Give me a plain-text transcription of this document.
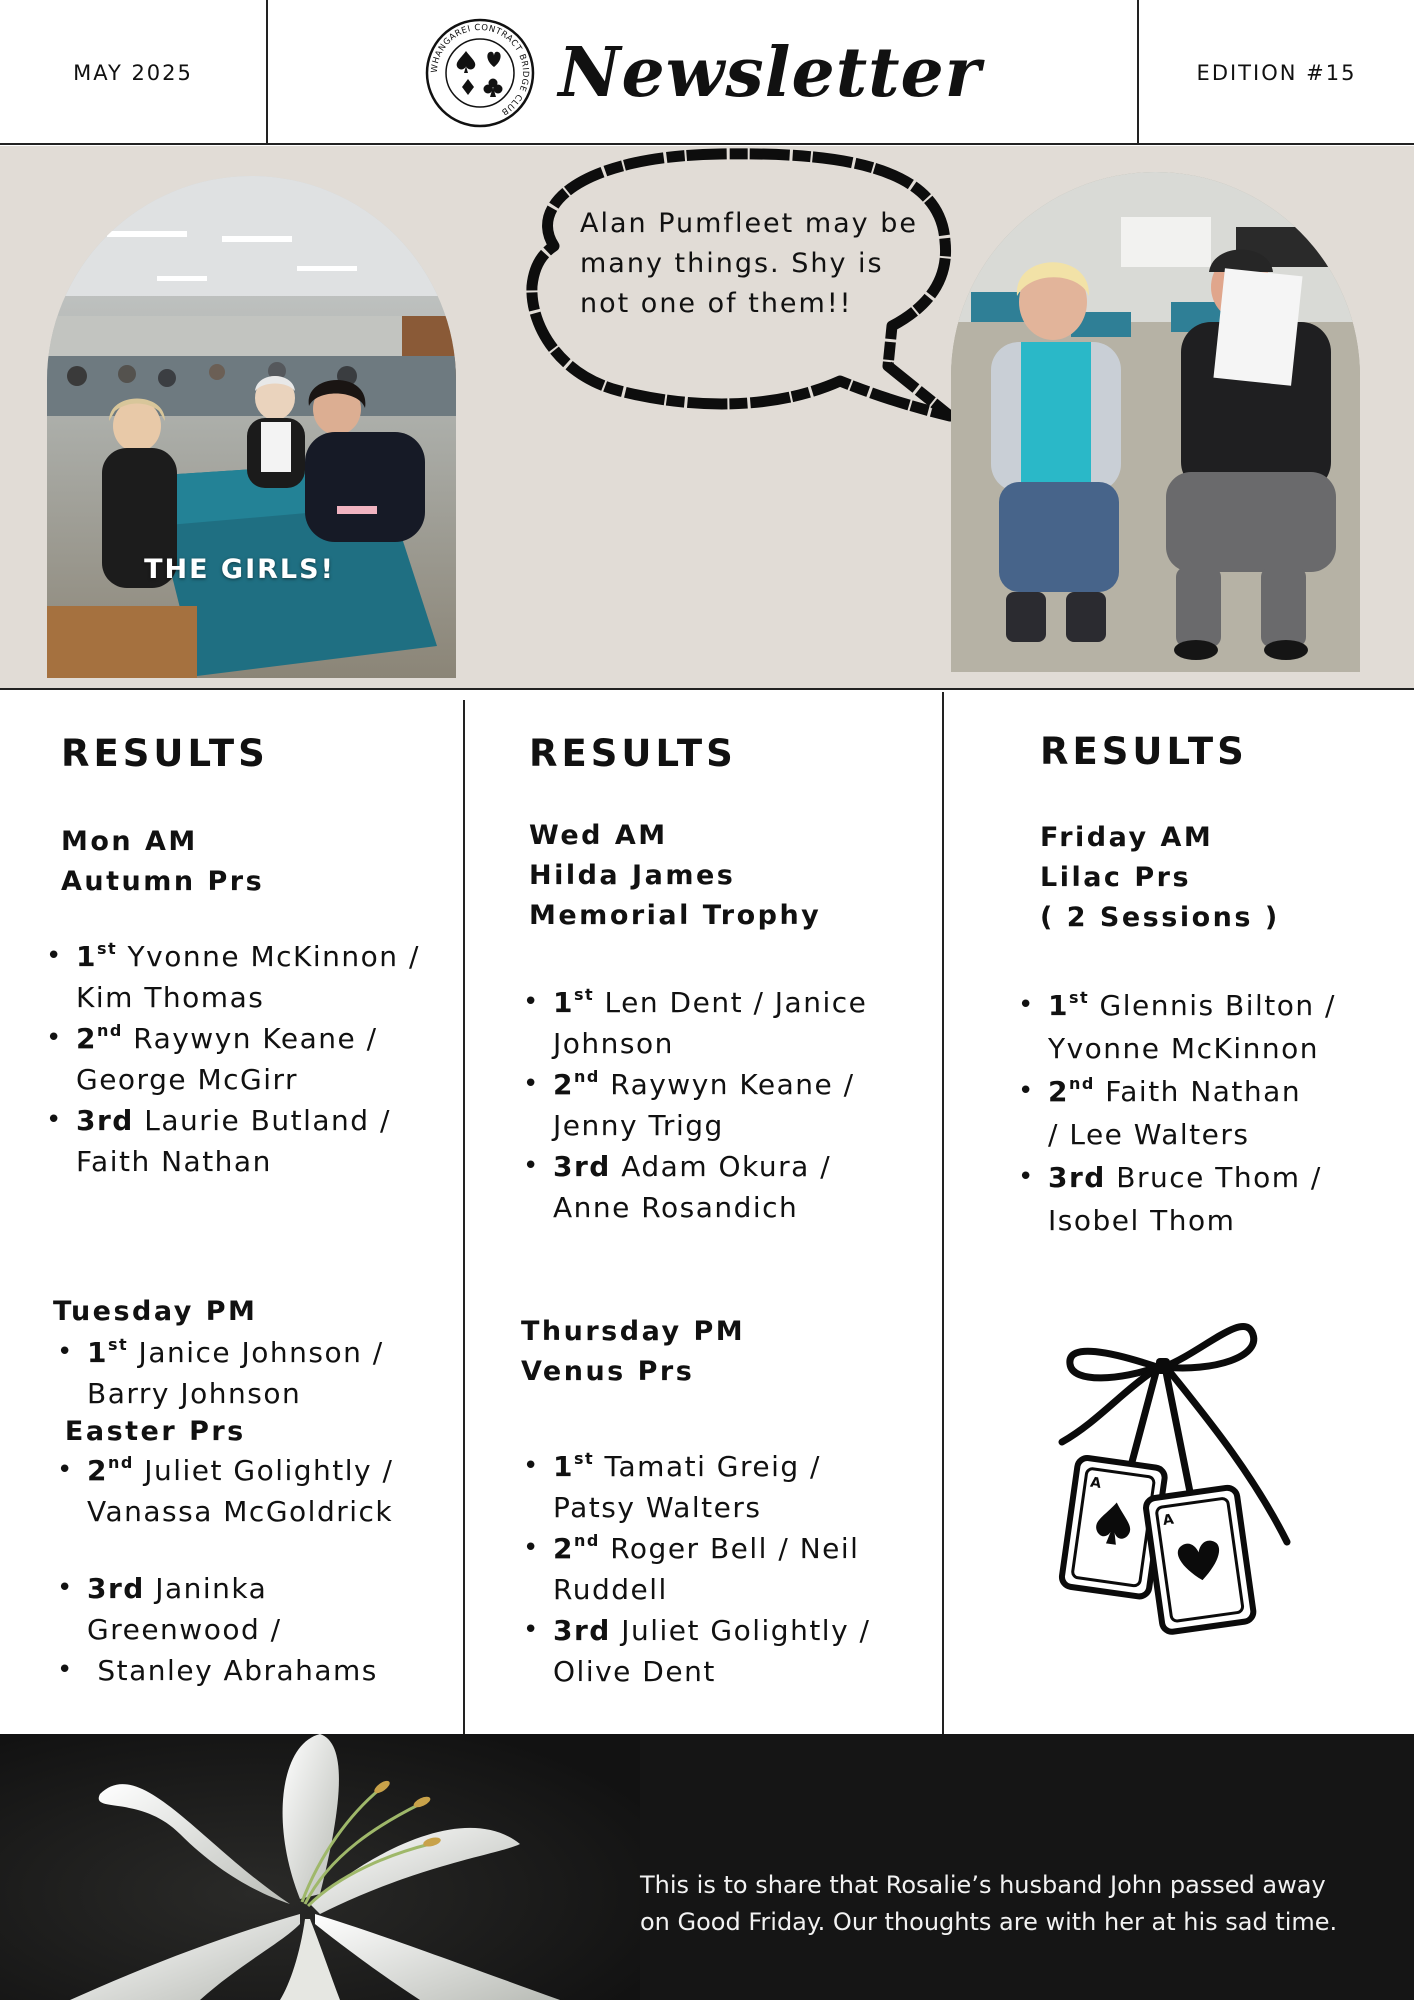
MAY 2025	WHANGAREI CONTRACT BRIDGE CLUB Newsletter	EDITION #15
THE GIRLS!
Alan Pumfleet may be many things. Shy is not one of them!!
RESULTS
Mon AM
Autumn Prs
• 1st Yvonne McKinnon / Kim Thomas
• 2nd Raywyn Keane / George McGirr
• 3rd Laurie Butland / Faith Nathan

Tuesday PM

Easter Prs

• 1st Janice Johnson / Barry Johnson
• 2nd Juliet Golightly / Vanassa McGoldrick
• 3rd Janinka Greenwood /
•  Stanley Abrahams
RESULTS
Wed AM
Hilda James
Memorial Trophy
• 1st Len Dent / Janice Johnson
• 2nd Raywyn Keane / Jenny Trigg
• 3rd Adam Okura / Anne Rosandich
Thursday PM
Venus Prs
• 1st Tamati Greig / Patsy Walters
• 2nd Roger Bell / Neil Ruddell
• 3rd Juliet Golightly / Olive Dent
RESULTS
Friday AM
Lilac Prs
( 2 Sessions )
• 1st Glennis Bilton / Yvonne McKinnon
• 2nd Faith Nathan / Lee Walters
• 3rd Bruce Thom / Isobel Thom
A
A
This is to share that Rosalie’s husband John passed away on Good Friday. Our thoughts are with her at his sad time.
